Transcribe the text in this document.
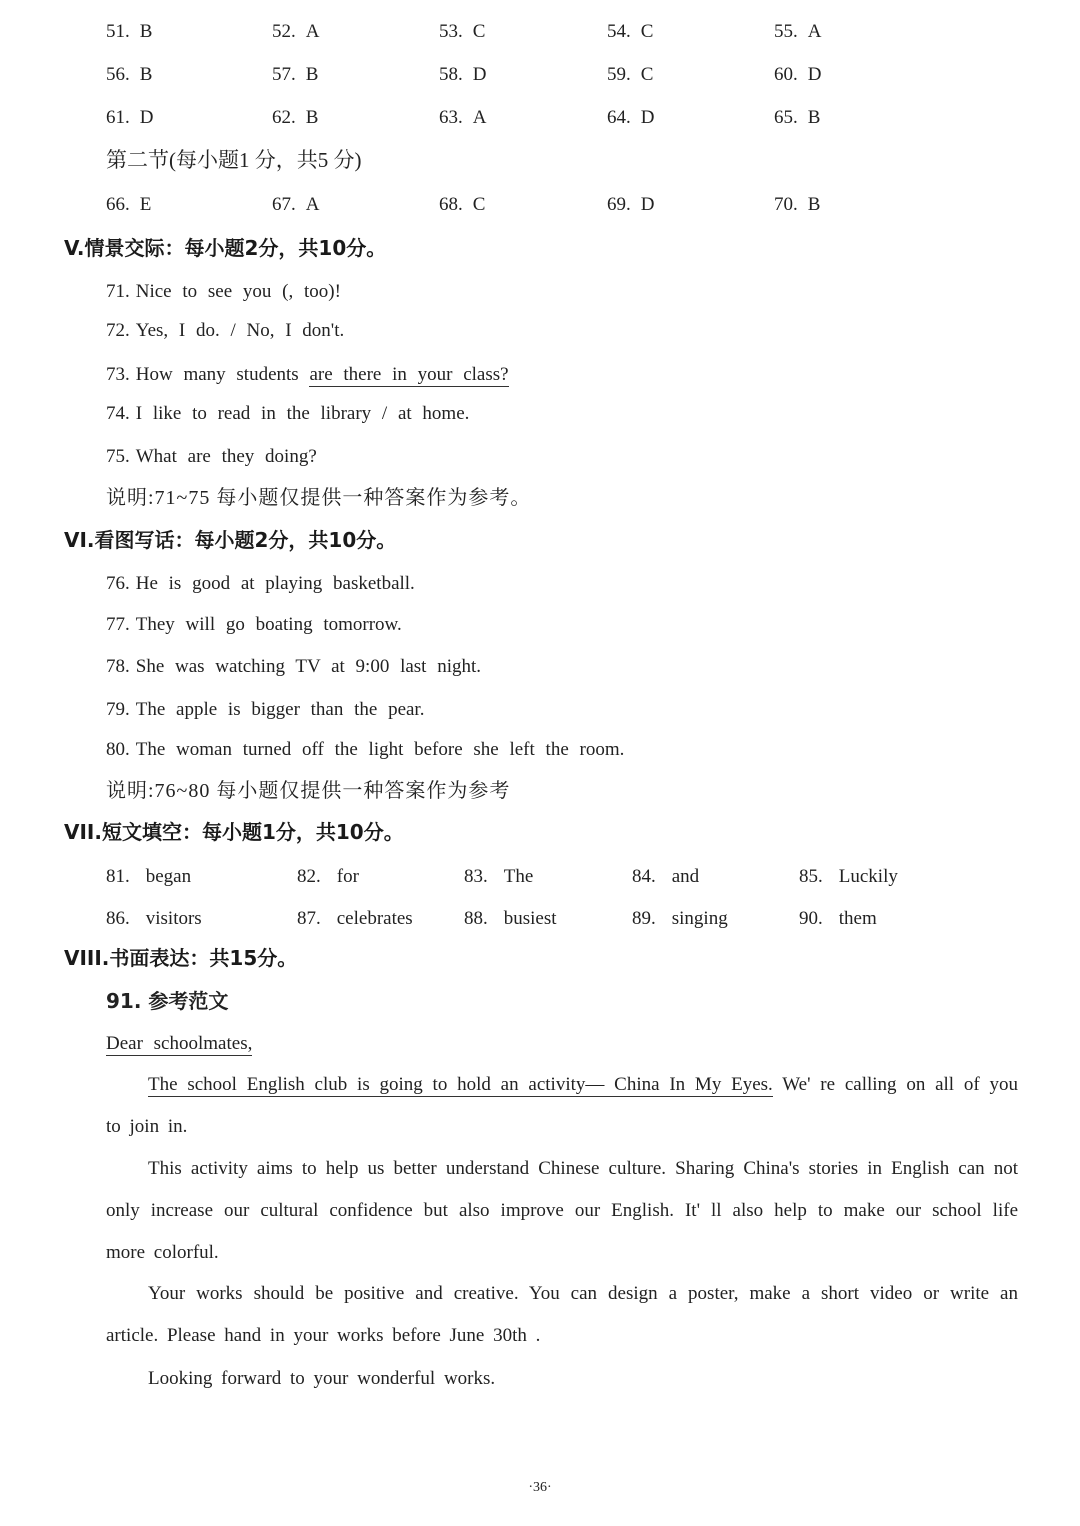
51. B	52. A	53. C	54. C	55. A
56. B	57. B	58. D	59. C	60. D
61. D	62. B	63. A	64. D	65. B
第二节(每小题1 分，共5 分)
66. E	67. A	68. C	69. D	70. B
V.情景交际：每小题2分，共10分。
71. Nice to see you (, too)!
72. Yes, I do. / No, I don't.
73. How many students are there in your class?
74. I like to read in the library / at home.
75. What are they doing?
说明:71~75 每小题仅提供一种答案作为参考。
VI.看图写话：每小题2分，共10分。
76. He is good at playing basketball.
77. They will go boating tomorrow.
78. She was watching TV at 9:00 last night.
79. The apple is bigger than the pear.
80. The woman turned off the light before she left the room.
说明:76~80 每小题仅提供一种答案作为参考
VII.短文填空：每小题1分，共10分。
81. began	82. for	83. The	84. and	85. Luckily
86. visitors	87. celebrates	88. busiest	89. singing	90. them
VIII.书面表达：共15分。
91. 参考范文
Dear schoolmates,
The school English club is going to hold an activity— China In My Eyes. We' re calling on all of you to join in.
This activity aims to help us better understand Chinese culture. Sharing China's stories in English can not only increase our cultural confidence but also improve our English. It' ll also help to make our school life more colorful.
Your works should be positive and creative. You can design a poster, make a short video or write an article. Please hand in your works before June 30th .
Looking forward to your wonderful works.
·36·
